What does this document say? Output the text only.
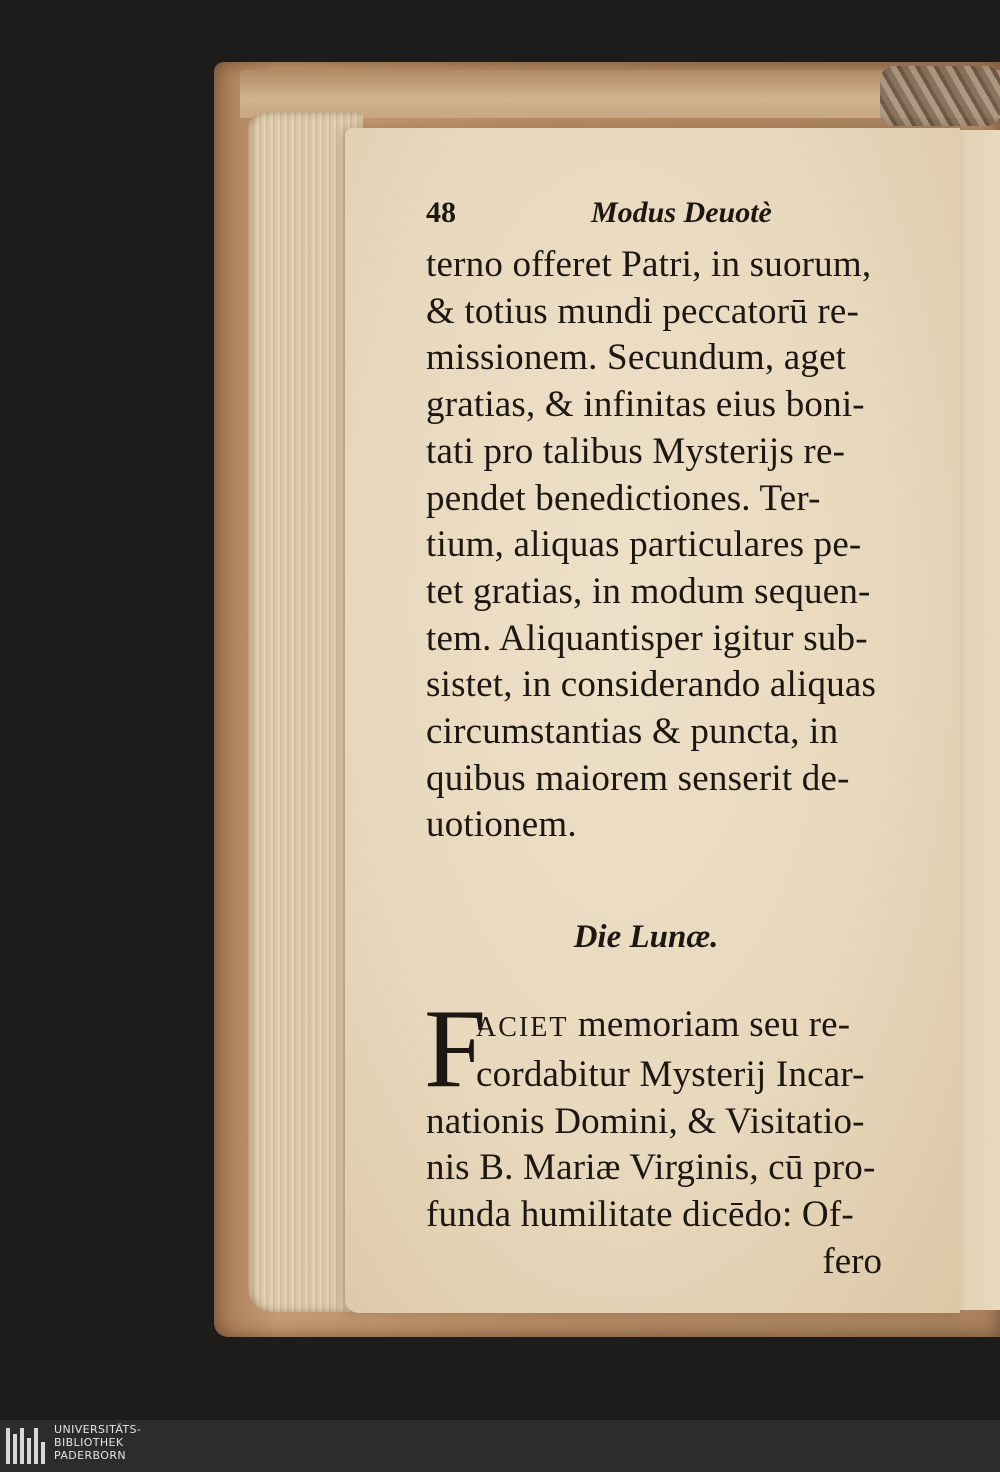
48	Modus Deuotè
terno offeret Patri, in suorum,
& totius mundi peccatorū re-
missionem. Secundum, aget
gratias, & infinitas eius boni-
tati pro talibus Mysterijs re-
pendet benedictiones. Ter-
tium, aliquas particulares pe-
tet gratias, in modum sequen-
tem. Aliquantisper igitur sub-
sistet, in considerando aliquas
circumstantias & puncta, in
quibus maiorem senserit de-
uotionem.
Die Lunæ.
F
ACIET memoriam seu re-
cordabitur Mysterij Incar-
nationis Domini, & Visitatio-
nis B. Mariæ Virginis, cū pro-
funda humilitate dicēdo: Of-
fero
UNIVERSITÄTS-
BIBLIOTHEK
PADERBORN
